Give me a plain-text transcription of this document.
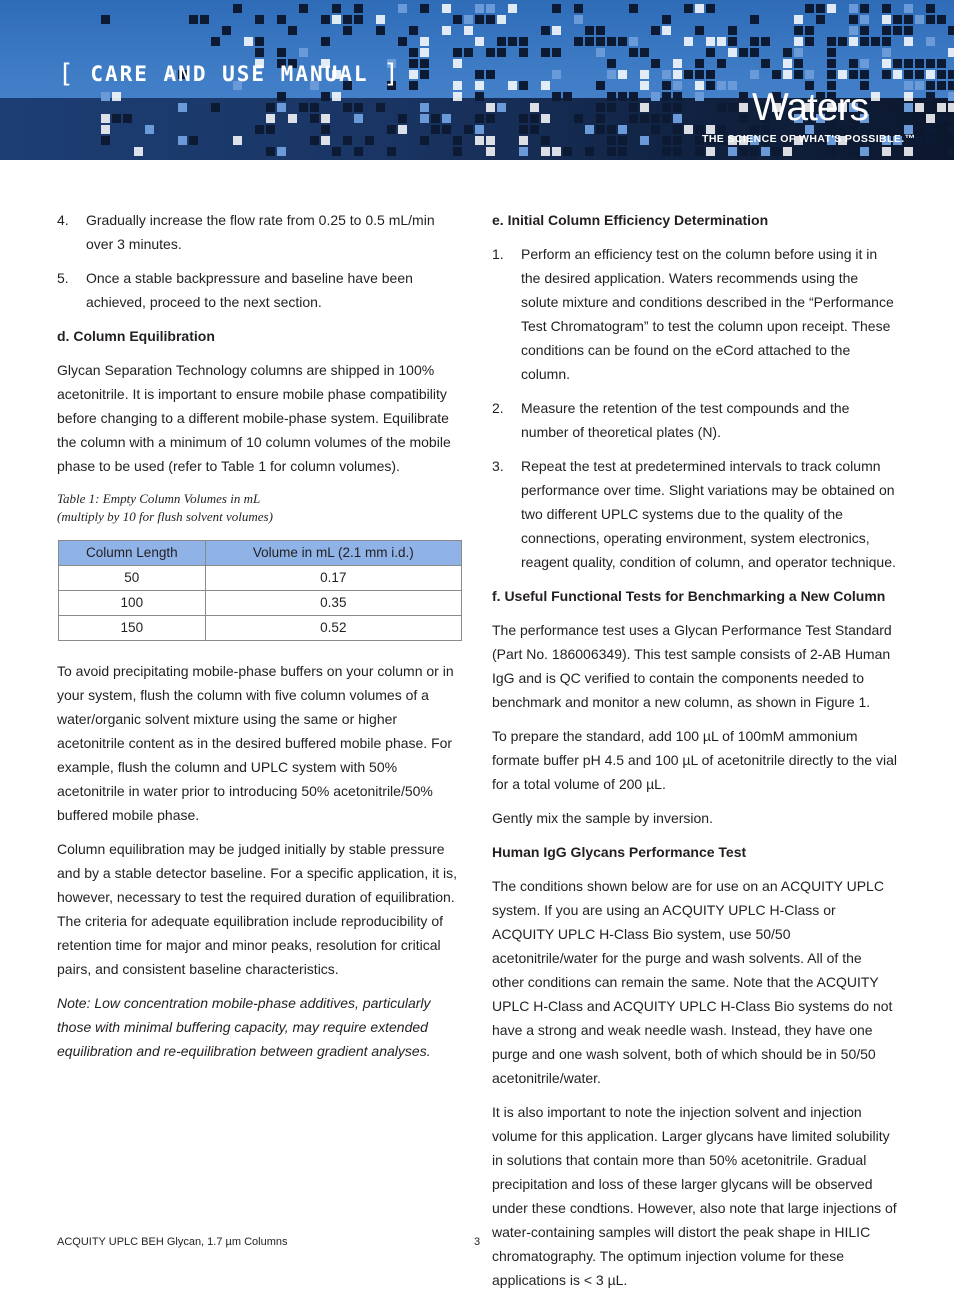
[ CARE AND USE MANUAL ]
Waters
THE SCIENCE OF WHAT'S POSSIBLE.™
4. Gradually increase the flow rate from 0.25 to 0.5 mL/min over 3 minutes.
5. Once a stable backpressure and baseline have been achieved, proceed to the next section.
d. Column Equilibration

Glycan Separation Technology columns are shipped in 100% acetonitrile. It is important to ensure mobile phase compatibility before changing to a different mobile-phase system. Equilibrate the column with a minimum of 10 column volumes of the mobile phase to be used (refer to Table 1 for column volumes).

Table 1: Empty Column Volumes in mL
(multiply by 10 for flush solvent volumes)
Column Length	Volume in mL (2.1 mm i.d.)
50	0.17
100	0.35
150	0.52

To avoid precipitating mobile-phase buffers on your column or in your system, flush the column with five column volumes of a water/organic solvent mixture using the same or higher acetonitrile content as in the desired buffered mobile phase. For example, flush the column and UPLC system with 50% acetonitrile in water prior to introducing 50% acetonitrile/50% buffered mobile phase.

Column equilibration may be judged initially by stable pressure and by a stable detector baseline. For a specific application, it is, however, necessary to test the required duration of equilibration. The criteria for adequate equilibration include reproducibility of retention time for major and minor peaks, resolution for critical pairs, and consistent baseline characteristics.

Note: Low concentration mobile-phase additives, particularly those with minimal buffering capacity, may require extended equilibration and re-equilibration between gradient analyses.

e. Initial Column Efficiency Determination
1. Perform an efficiency test on the column before using it in the desired application. Waters recommends using the solute mixture and conditions described in the “Performance Test Chromatogram” to test the column upon receipt. These conditions can be found on the eCord attached to the column.
2. Measure the retention of the test compounds and the number of theoretical plates (N).
3. Repeat the test at predetermined intervals to track column performance over time. Slight variations may be obtained on two different UPLC systems due to the quality of the connections, operating environment, system electronics, reagent quality, condition of column, and operator technique.
f. Useful Functional Tests for Benchmarking a New Column

The performance test uses a Glycan Performance Test Standard (Part No. 186006349). This test sample consists of 2-AB Human IgG and is QC verified to contain the components needed to benchmark and monitor a new column, as shown in Figure 1.

To prepare the standard, add 100 µL of 100mM ammonium formate buffer pH 4.5 and 100 µL of acetonitrile directly to the vial for a total volume of 200 µL.

Gently mix the sample by inversion.

Human IgG Glycans Performance Test

The conditions shown below are for use on an ACQUITY UPLC system. If you are using an ACQUITY UPLC H-Class or ACQUITY UPLC H-Class Bio system, use 50/50 acetonitrile/water for the purge and wash solvents. All of the other conditions can remain the same. Note that the ACQUITY UPLC H-Class and ACQUITY UPLC H-Class Bio systems do not have a strong and weak needle wash. Instead, they have one purge and one wash solvent, both of which should be in 50/50 acetonitrile/water.

It is also important to note the injection solvent and injection volume for this application. Larger glycans have limited solubility in solutions that contain more than 50% acetonitrile. Gradual precipitation and loss of these larger glycans will be observed under these condtions. However, also note that large injections of water-containing samples will distort the peak shape in HILIC chromatography. The optimum injection volume for these applications is < 3 µL.

ACQUITY UPLC BEH Glycan, 1.7 µm Columns	3
